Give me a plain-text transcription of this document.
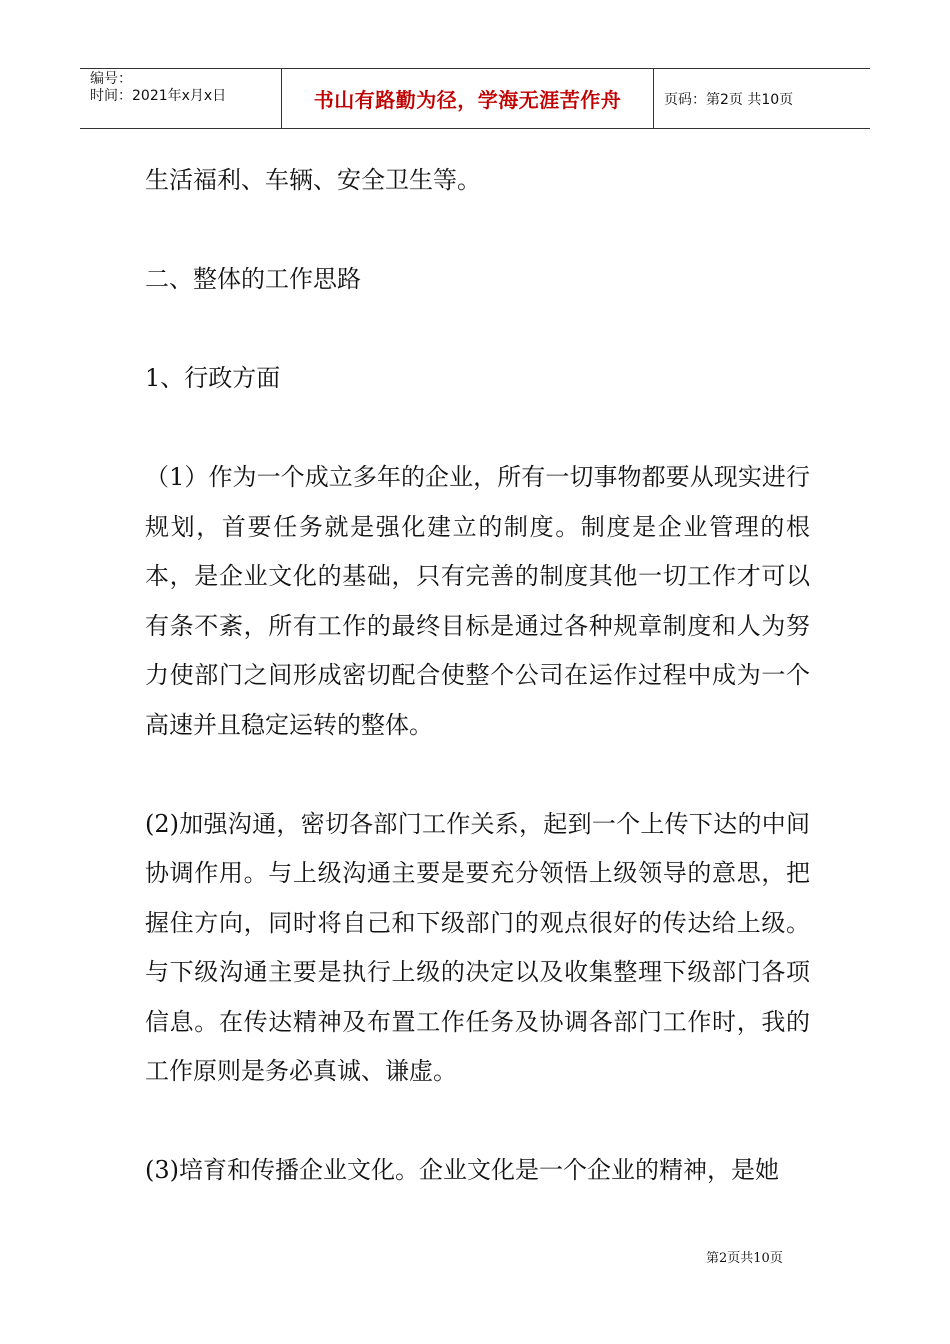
编号：
时间：2021年x月x日	书山有路勤为径，学海无涯苦作舟	页码：第2页 共10页

生活福利、车辆、安全卫生等。

二、整体的工作思路

1、行政方面

（1）作为一个成立多年的企业，所有一切事物都要从现实进行规划，首要任务就是强化建立的制度。制度是企业管理的根本，是企业文化的基础，只有完善的制度其他一切工作才可以有条不紊，所有工作的最终目标是通过各种规章制度和人为努力使部门之间形成密切配合使整个公司在运作过程中成为一个高速并且稳定运转的整体。

(2)加强沟通，密切各部门工作关系，起到一个上传下达的中间协调作用。与上级沟通主要是要充分领悟上级领导的意思，把握住方向，同时将自己和下级部门的观点很好的传达给上级。与下级沟通主要是执行上级的决定以及收集整理下级部门各项信息。在传达精神及布置工作任务及协调各部门工作时，我的工作原则是务必真诚、谦虚。

(3)培育和传播企业文化。企业文化是一个企业的精神，是她

第2页共10页
